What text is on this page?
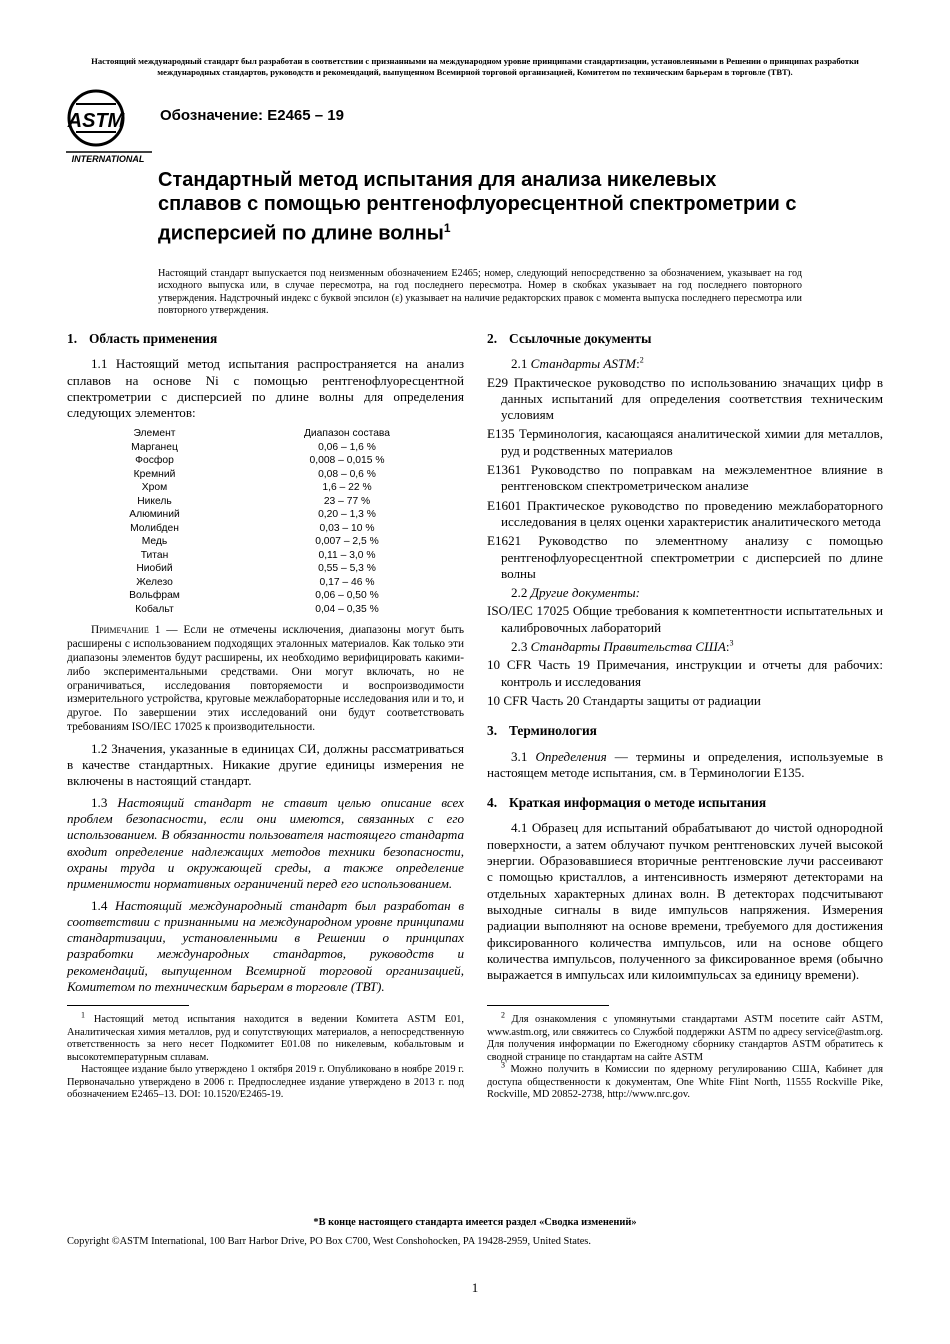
Настоящий международный стандарт был разработан в соответствии с признанными на международном уровне принципами стандартизации, установленными в Решении о принципах разработки международных стандартов, руководств и рекомендаций, выпущенном Всемирной торговой организацией, Комитетом по техническим барьерам в торговле (ТВТ).
ASTM
INTERNATIONAL
Обозначение: E2465 – 19
Стандартный метод испытания для анализа никелевых сплавов с помощью рентгенофлуоресцентной спектрометрии с дисперсией по длине волны$^1$
Настоящий стандарт выпускается под неизменным обозначением E2465; номер, следующий непосредственно за обозначением, указывает на год исходного выпуска или, в случае пересмотра, на год последнего пересмотра. Номер в скобках указывает на год последнего повторного утверждения. Надстрочный индекс с буквой эпсилон (ε) указывает на наличие редакторских правок с момента выпуска последнего пересмотра или повторного утверждения.
1. Область применения

1.1 Настоящий метод испытания распространяется на анализ сплавов на основе Ni с помощью рентгенофлуоресцентной спектрометрии с дисперсией по длине волны для определения следующих элементов:

Элемент	Диапазон состава
Марганец	0,06 – 1,6 %
Фосфор	0,008 – 0,015 %
Кремний	0,08 – 0,6 %
Хром	1,6 – 22 %
Никель	23 – 77 %
Алюминий	0,20 – 1,3 %
Молибден	0,03 – 10 %
Медь	0,007 – 2,5 %
Титан	0,11 – 3,0 %
Ниобий	0,55 – 5,3 %
Железо	0,17 – 46 %
Вольфрам	0,06 – 0,50 %
Кобальт	0,04 – 0,35 %

Примечание 1 — Если не отмечены исключения, диапазоны могут быть расширены с использованием подходящих эталонных материалов. Как только эти диапазоны элементов будут расширены, их необходимо верифицировать какими-либо экспериментальными средствами. Они могут включать, но не ограничиваться, исследования повторяемости и воспроизводимости измерительного устройства, круговые межлабораторные исследования или и то, и другое. По завершении этих исследований они будут соответствовать требованиям ISO/IEC 17025 к производительности.

1.2 Значения, указанные в единицах СИ, должны рассматриваться в качестве стандартных. Никакие другие единицы измерения не включены в настоящий стандарт.

1.3 Настоящий стандарт не ставит целью описание всех проблем безопасности, если они имеются, связанных с его использованием. В обязанности пользователя настоящего стандарта входит определение надлежащих методов техники безопасности, охраны труда и окружающей среды, а также определение применимости нормативных ограничений перед его использованием.

1.4 Настоящий международный стандарт был разработан в соответствии с признанными на международном уровне принципами стандартизации, установленными в Решении о принципах разработки международных стандартов, руководств и рекомендаций, выпущенном Всемирной торговой организацией, Комитетом по техническим барьерам в торговле (ТВТ).

$^1$ Настоящий метод испытания находится в ведении Комитета ASTM E01, Аналитическая химия металлов, руд и сопутствующих материалов, а непосредственную ответственность за него несет Подкомитет E01.08 по никелевым, кобальтовым и высокотемпературным сплавам.

Настоящее издание было утверждено 1 октября 2019 г. Опубликовано в ноябре 2019 г. Первоначально утверждено в 2006 г. Предпоследнее издание утверждено в 2013 г. под обозначением E2465–13. DOI: 10.1520/E2465-19.

2. Ссылочные документы

2.1 Стандарты ASTM:$^2$

E29 Практическое руководство по использованию значащих цифр в данных испытаний для определения соответствия техническим условиям

E135 Терминология, касающаяся аналитической химии для металлов, руд и родственных материалов

E1361 Руководство по поправкам на межэлементное влияние в рентгеновском спектрометрическом анализе

E1601 Практическое руководство по проведению межлабораторного исследования в целях оценки характеристик аналитического метода

E1621 Руководство по элементному анализу с помощью рентгенофлуоресцентной спектрометрии с дисперсией по длине волны

2.2 Другие документы:

ISO/IEC 17025 Общие требования к компетентности испытательных и калибровочных лабораторий

2.3 Стандарты Правительства США:$^3$

10 CFR Часть 19 Примечания, инструкции и отчеты для рабочих: контроль и исследования

10 CFR Часть 20 Стандарты защиты от радиации

3. Терминология

3.1 Определения — термины и определения, используемые в настоящем методе испытания, см. в Терминологии E135.

4. Краткая информация о методе испытания

4.1 Образец для испытаний обрабатывают до чистой однородной поверхности, а затем облучают пучком рентгеновских лучей высокой энергии. Образовавшиеся вторичные рентгеновские лучи рассеивают с помощью кристаллов, а интенсивность измеряют детекторами на отдельных характерных длинах волн. В детекторах подсчитывают выходные сигналы в виде импульсов напряжения. Измерения радиации выполняют на основе времени, требуемого для достижения фиксированного количества импульсов, или на основе общего количества импульсов, полученного за фиксированное время (обычно выражается в импульсах или килоимпульсах за единицу времени).

$^2$ Для ознакомления с упомянутыми стандартами ASTM посетите сайт ASTM, www.astm.org, или свяжитесь со Службой поддержки ASTM по адресу service@astm.org. Для получения информации по Ежегодному сборнику стандартов ASTM обратитесь к сводной странице по стандартам на сайте ASTM

$^3$ Можно получить в Комиссии по ядерному регулированию США, Кабинет для доступа общественности к документам, One White Flint North, 11555 Rockville Pike, Rockville, MD 20852-2738, http://www.nrc.gov.

*В конце настоящего стандарта имеется раздел «Сводка изменений»
Copyright ©ASTM International, 100 Barr Harbor Drive, PO Box C700, West Conshohocken, PA 19428-2959, United States.
1
